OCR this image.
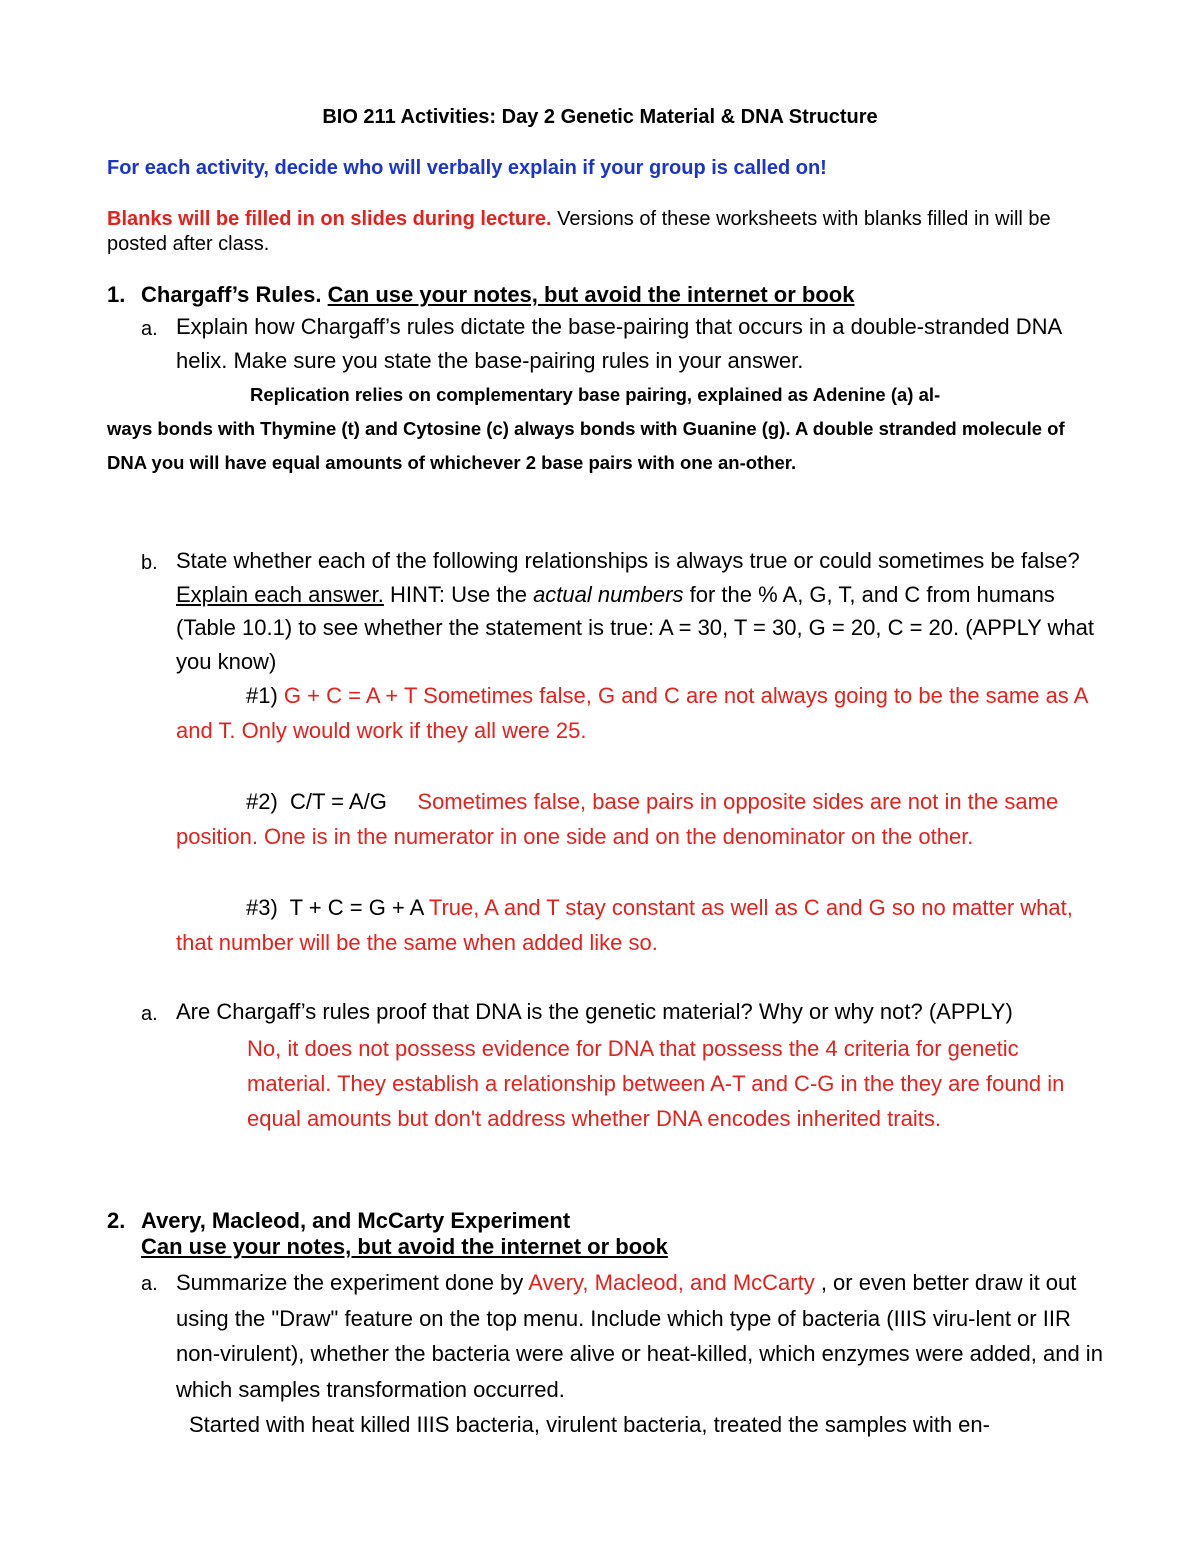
BIO 211 Activities: Day 2 Genetic Material & DNA Structure
For each activity, decide who will verbally explain if your group is called on!
Blanks will be filled in on slides during lecture. Versions of these worksheets with blanks filled in will be posted after class.
1. Chargaff’s Rules. Can use your notes, but avoid the internet or book
a. Explain how Chargaff’s rules dictate the base-pairing that occurs in a double-stranded DNA helix. Make sure you state the base-pairing rules in your answer.
Replication relies on complementary base pairing, explained as Adenine (a) al-
ways bonds with Thymine (t) and Cytosine (c) always bonds with Guanine (g). A double stranded molecule of DNA you will have equal amounts of whichever 2 base pairs with one an-other.
b. State whether each of the following relationships is always true or could sometimes be false? Explain each answer. HINT: Use the actual numbers for the % A, G, T, and C from humans (Table 10.1) to see whether the statement is true: A = 30, T = 30, G = 20, C = 20. (APPLY what you know)
#1) G + C = A + T Sometimes false, G and C are not always going to be the same as A and T. Only would work if they all were 25.
#2)  C/T = A/G     Sometimes false, base pairs in opposite sides are not in the same position. One is in the numerator in one side and on the denominator on the other.
#3)  T + C = G + A True, A and T stay constant as well as C and G so no matter what, that number will be the same when added like so.
a. Are Chargaff’s rules proof that DNA is the genetic material? Why or why not? (APPLY)
No, it does not possess evidence for DNA that possess the 4 criteria for genetic material. They establish a relationship between A-T and C-G in the they are found in equal amounts but don't address whether DNA encodes inherited traits.
2. Avery, Macleod, and McCarty Experiment
Can use your notes, but avoid the internet or book
a. Summarize the experiment done by Avery, Macleod, and McCarty , or even better draw it out using the "Draw" feature on the top menu. Include which type of bacteria (IIIS viru-lent or IIR non-virulent), whether the bacteria were alive or heat-killed, which enzymes were added, and in which samples transformation occurred.
Started with heat killed IIIS bacteria, virulent bacteria, treated the samples with en-
